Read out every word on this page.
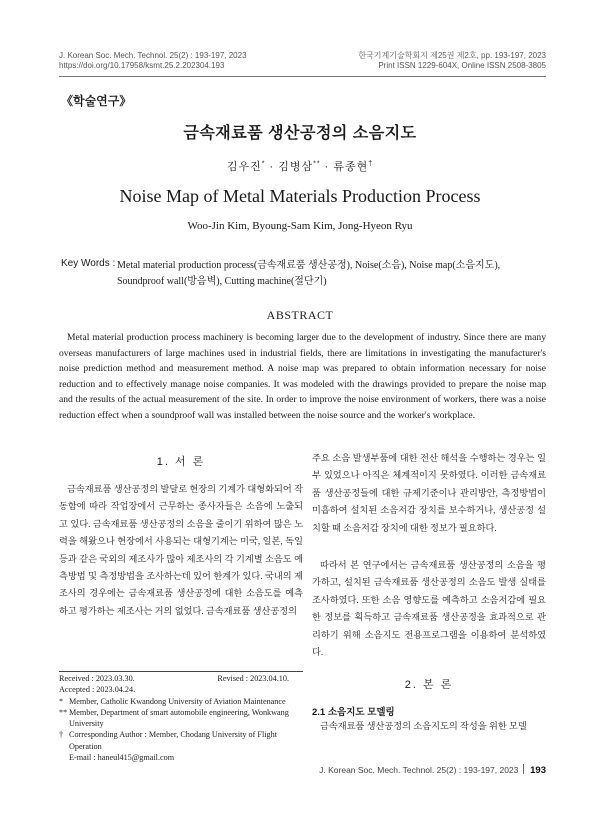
J. Korean Soc. Mech. Technol. 25(2) : 193-197, 2023
https://doi.org/10.17958/ksmt.25.2.202304.193
한국기계기술학회지 제25권 제2호, pp. 193-197, 2023
Print ISSN 1229-604X, Online ISSN 2508-3805
《학술연구》
금속재료품 생산공정의 소음지도
김우진* · 김병삼** · 류종현†
Noise Map of Metal Materials Production Process
Woo-Jin Kim, Byoung-Sam Kim, Jong-Hyeon Ryu
Key Words : Metal material production process(금속재료품 생산공정), Noise(소음), Noise map(소음지도), Soundproof wall(방음벽), Cutting machine(절단기)
ABSTRACT

Metal material production process machinery is becoming larger due to the development of industry. Since there are many overseas manufacturers of large machines used in industrial fields, there are limitations in investigating the manufacturer's noise prediction method and measurement method. A noise map was prepared to obtain information necessary for noise reduction and to effectively manage noise companies. It was modeled with the drawings provided to prepare the noise map and the results of the actual measurement of the site. In order to improve the noise environment of workers, there was a noise reduction effect when a soundproof wall was installed between the noise source and the worker's workplace.

1. 서 론

금속재료품 생산공정의 발달로 현장의 기계가 대형화되어 작동함에 따라 작업장에서 근무하는 종사자들은 소음에 노출되고 있다. 금속재료품 생산공정의 소음을 줄이기 위하여 많은 노력을 해왔으나 현장에서 사용되는 대형기계는 미국, 일본, 독일 등과 같은 국외의 제조사가 많아 제조사의 각 기계별 소음도 예측방법 및 측정방법을 조사하는데 있어 한계가 있다. 국내의 제조사의 경우에는 금속재료품 생산공정에 대한 소음도를 예측하고 평가하는 제조사는 거의 없었다. 금속재료품 생산공정의

Received : 2023.03.30.	Revised : 2023.04.10.
Accepted : 2023.04.24.
* Member, Catholic Kwandong University of Aviation Maintenance
** Member, Department of smart automobile engineering, Wonkwang University
† Corresponding Author : Member, Chodang University of Flight Operation
E-mail : haneul415@gmail.com

주요 소음 발생부품에 대한 전산 해석을 수행하는 경우는 일부 있었으나 아직은 체계적이지 못하였다. 이러한 금속재료품 생산공정들에 대한 규제기준이나 관리방안, 측정방법이 미흡하여 설치된 소음저감 장치를 보수하거나, 생산공정 설치할 때 소음저감 장치에 대한 정보가 필요하다.

따라서 본 연구에서는 금속재료품 생산공정의 소음을 평가하고, 설치된 금속재료품 생산공정의 소음도 발생 실태를 조사하였다. 또한 소음 영향도를 예측하고 소음저감에 필요한 정보를 획득하고 금속재료품 생산공정을 효과적으로 관리하기 위해 소음지도 전용프로그램을 이용하여 분석하였다.

2. 본 론
2.1 소음지도 모델링

금속재료품 생산공정의 소음지도의 작성을 위한 모델

J. Korean Soc. Mech. Technol. 25(2) : 193-197, 2023 193
